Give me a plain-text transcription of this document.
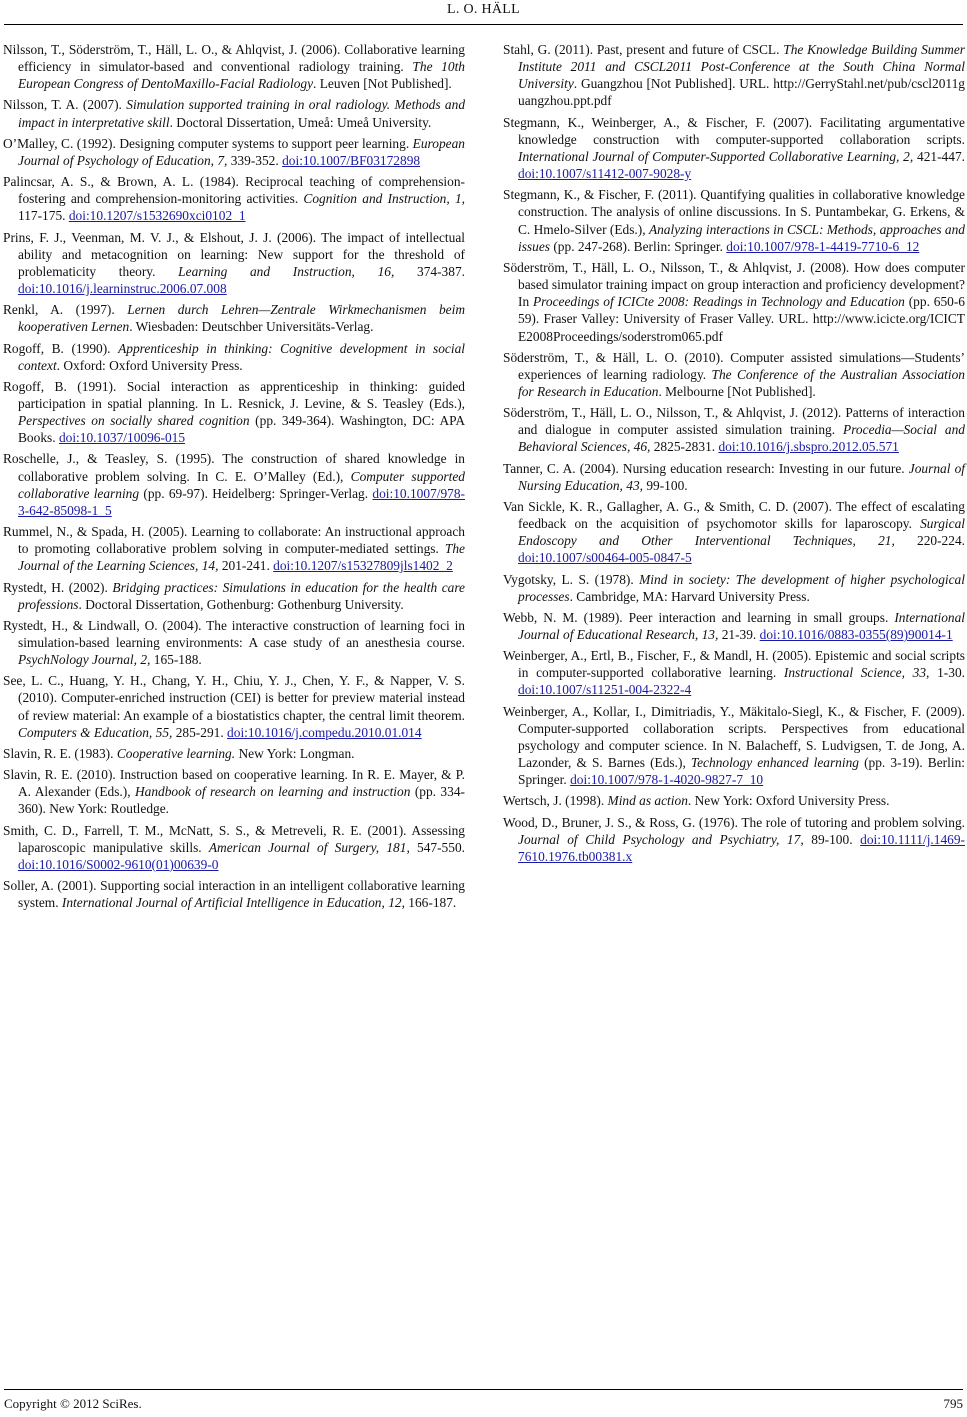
L. O. HÄLL

Nilsson, T., Söderström, T., Häll, L. O., & Ahlqvist, J. (2006). Collaborative learning efficiency in simulator-based and conventional radiology training. The 10th European Congress of DentoMaxillo-Facial Radiology. Leuven [Not Published].

Nilsson, T. A. (2007). Simulation supported training in oral radiology. Methods and impact in interpretative skill. Doctoral Dissertation, Umeå: Umeå University.

O’Malley, C. (1992). Designing computer systems to support peer learning. European Journal of Psychology of Education, 7, 339-352. doi:10.1007/BF03172898

Palincsar, A. S., & Brown, A. L. (1984). Reciprocal teaching of comprehension-fostering and comprehension-monitoring activities. Cognition and Instruction, 1, 117-175. doi:10.1207/s1532690xci0102_1

Prins, F. J., Veenman, M. V. J., & Elshout, J. J. (2006). The impact of intellectual ability and metacognition on learning: New support for the threshold of problematicity theory. Learning and Instruction, 16, 374-387. doi:10.1016/j.learninstruc.2006.07.008

Renkl, A. (1997). Lernen durch Lehren—Zentrale Wirkmechanismen beim kooperativen Lernen. Wiesbaden: Deutschber Universitäts-Verlag.

Rogoff, B. (1990). Apprenticeship in thinking: Cognitive development in social context. Oxford: Oxford University Press.

Rogoff, B. (1991). Social interaction as apprenticeship in thinking: guided participation in spatial planning. In L. Resnick, J. Levine, & S. Teasley (Eds.), Perspectives on socially shared cognition (pp. 349-364). Washington, DC: APA Books. doi:10.1037/10096-015

Roschelle, J., & Teasley, S. (1995). The construction of shared knowledge in collaborative problem solving. In C. E. O’Malley (Ed.), Computer supported collaborative learning (pp. 69-97). Heidelberg: Springer-Verlag. doi:10.1007/978-3-642-85098-1_5

Rummel, N., & Spada, H. (2005). Learning to collaborate: An instructional approach to promoting collaborative problem solving in computer-mediated settings. The Journal of the Learning Sciences, 14, 201-241. doi:10.1207/s15327809jls1402_2

Rystedt, H. (2002). Bridging practices: Simulations in education for the health care professions. Doctoral Dissertation, Gothenburg: Gothenburg University.

Rystedt, H., & Lindwall, O. (2004). The interactive construction of learning foci in simulation-based learning environments: A case study of an anesthesia course. PsychNology Journal, 2, 165-188.

See, L. C., Huang, Y. H., Chang, Y. H., Chiu, Y. J., Chen, Y. F., & Napper, V. S. (2010). Computer-enriched instruction (CEI) is better for preview material instead of review material: An example of a biostatistics chapter, the central limit theorem. Computers & Education, 55, 285-291. doi:10.1016/j.compedu.2010.01.014

Slavin, R. E. (1983). Cooperative learning. New York: Longman.

Slavin, R. E. (2010). Instruction based on cooperative learning. In R. E. Mayer, & P. A. Alexander (Eds.), Handbook of research on learning and instruction (pp. 334-360). New York: Routledge.

Smith, C. D., Farrell, T. M., McNatt, S. S., & Metreveli, R. E. (2001). Assessing laparoscopic manipulative skills. American Journal of Surgery, 181, 547-550. doi:10.1016/S0002-9610(01)00639-0

Soller, A. (2001). Supporting social interaction in an intelligent collaborative learning system. International Journal of Artificial Intelligence in Education, 12, 166-187.

Stahl, G. (2011). Past, present and future of CSCL. The Knowledge Building Summer Institute 2011 and CSCL2011 Post-Conference at the South China Normal University. Guangzhou [Not Published]. URL. http://GerryStahl.net/pub/cscl2011guangzhou.ppt.pdf

Stegmann, K., Weinberger, A., & Fischer, F. (2007). Facilitating argumentative knowledge construction with computer-supported collaboration scripts. International Journal of Computer-Supported Collaborative Learning, 2, 421-447. doi:10.1007/s11412-007-9028-y

Stegmann, K., & Fischer, F. (2011). Quantifying qualities in collaborative knowledge construction. The analysis of online discussions. In S. Puntambekar, G. Erkens, & C. Hmelo-Silver (Eds.), Analyzing interactions in CSCL: Methods, approaches and issues (pp. 247-268). Berlin: Springer. doi:10.1007/978-1-4419-7710-6_12

Söderström, T., Häll, L. O., Nilsson, T., & Ahlqvist, J. (2008). How does computer based simulator training impact on group interaction and proficiency development? In Proceedings of ICICte 2008: Readings in Technology and Education (pp. 650-659). Fraser Valley: University of Fraser Valley. URL. http://www.icicte.org/ICICTE2008Proceedings/soderstrom065.pdf

Söderström, T., & Häll, L. O. (2010). Computer assisted simulations—Students’ experiences of learning radiology. The Conference of the Australian Association for Research in Education. Melbourne [Not Published].

Söderström, T., Häll, L. O., Nilsson, T., & Ahlqvist, J. (2012). Patterns of interaction and dialogue in computer assisted simulation training. Procedia—Social and Behavioral Sciences, 46, 2825-2831. doi:10.1016/j.sbspro.2012.05.571

Tanner, C. A. (2004). Nursing education research: Investing in our future. Journal of Nursing Education, 43, 99-100.

Van Sickle, K. R., Gallagher, A. G., & Smith, C. D. (2007). The effect of escalating feedback on the acquisition of psychomotor skills for laparoscopy. Surgical Endoscopy and Other Interventional Techniques, 21, 220-224. doi:10.1007/s00464-005-0847-5

Vygotsky, L. S. (1978). Mind in society: The development of higher psychological processes. Cambridge, MA: Harvard University Press.

Webb, N. M. (1989). Peer interaction and learning in small groups. International Journal of Educational Research, 13, 21-39. doi:10.1016/0883-0355(89)90014-1

Weinberger, A., Ertl, B., Fischer, F., & Mandl, H. (2005). Epistemic and social scripts in computer-supported collaborative learning. Instructional Science, 33, 1-30. doi:10.1007/s11251-004-2322-4

Weinberger, A., Kollar, I., Dimitriadis, Y., Mäkitalo-Siegl, K., & Fischer, F. (2009). Computer-supported collaboration scripts. Perspectives from educational psychology and computer science. In N. Balacheff, S. Ludvigsen, T. de Jong, A. Lazonder, & S. Barnes (Eds.), Technology enhanced learning (pp. 3-19). Berlin: Springer. doi:10.1007/978-1-4020-9827-7_10

Wertsch, J. (1998). Mind as action. New York: Oxford University Press.

Wood, D., Bruner, J. S., & Ross, G. (1976). The role of tutoring and problem solving. Journal of Child Psychology and Psychiatry, 17, 89-100. doi:10.1111/j.1469-7610.1976.tb00381.x

Copyright © 2012 SciRes.	795
